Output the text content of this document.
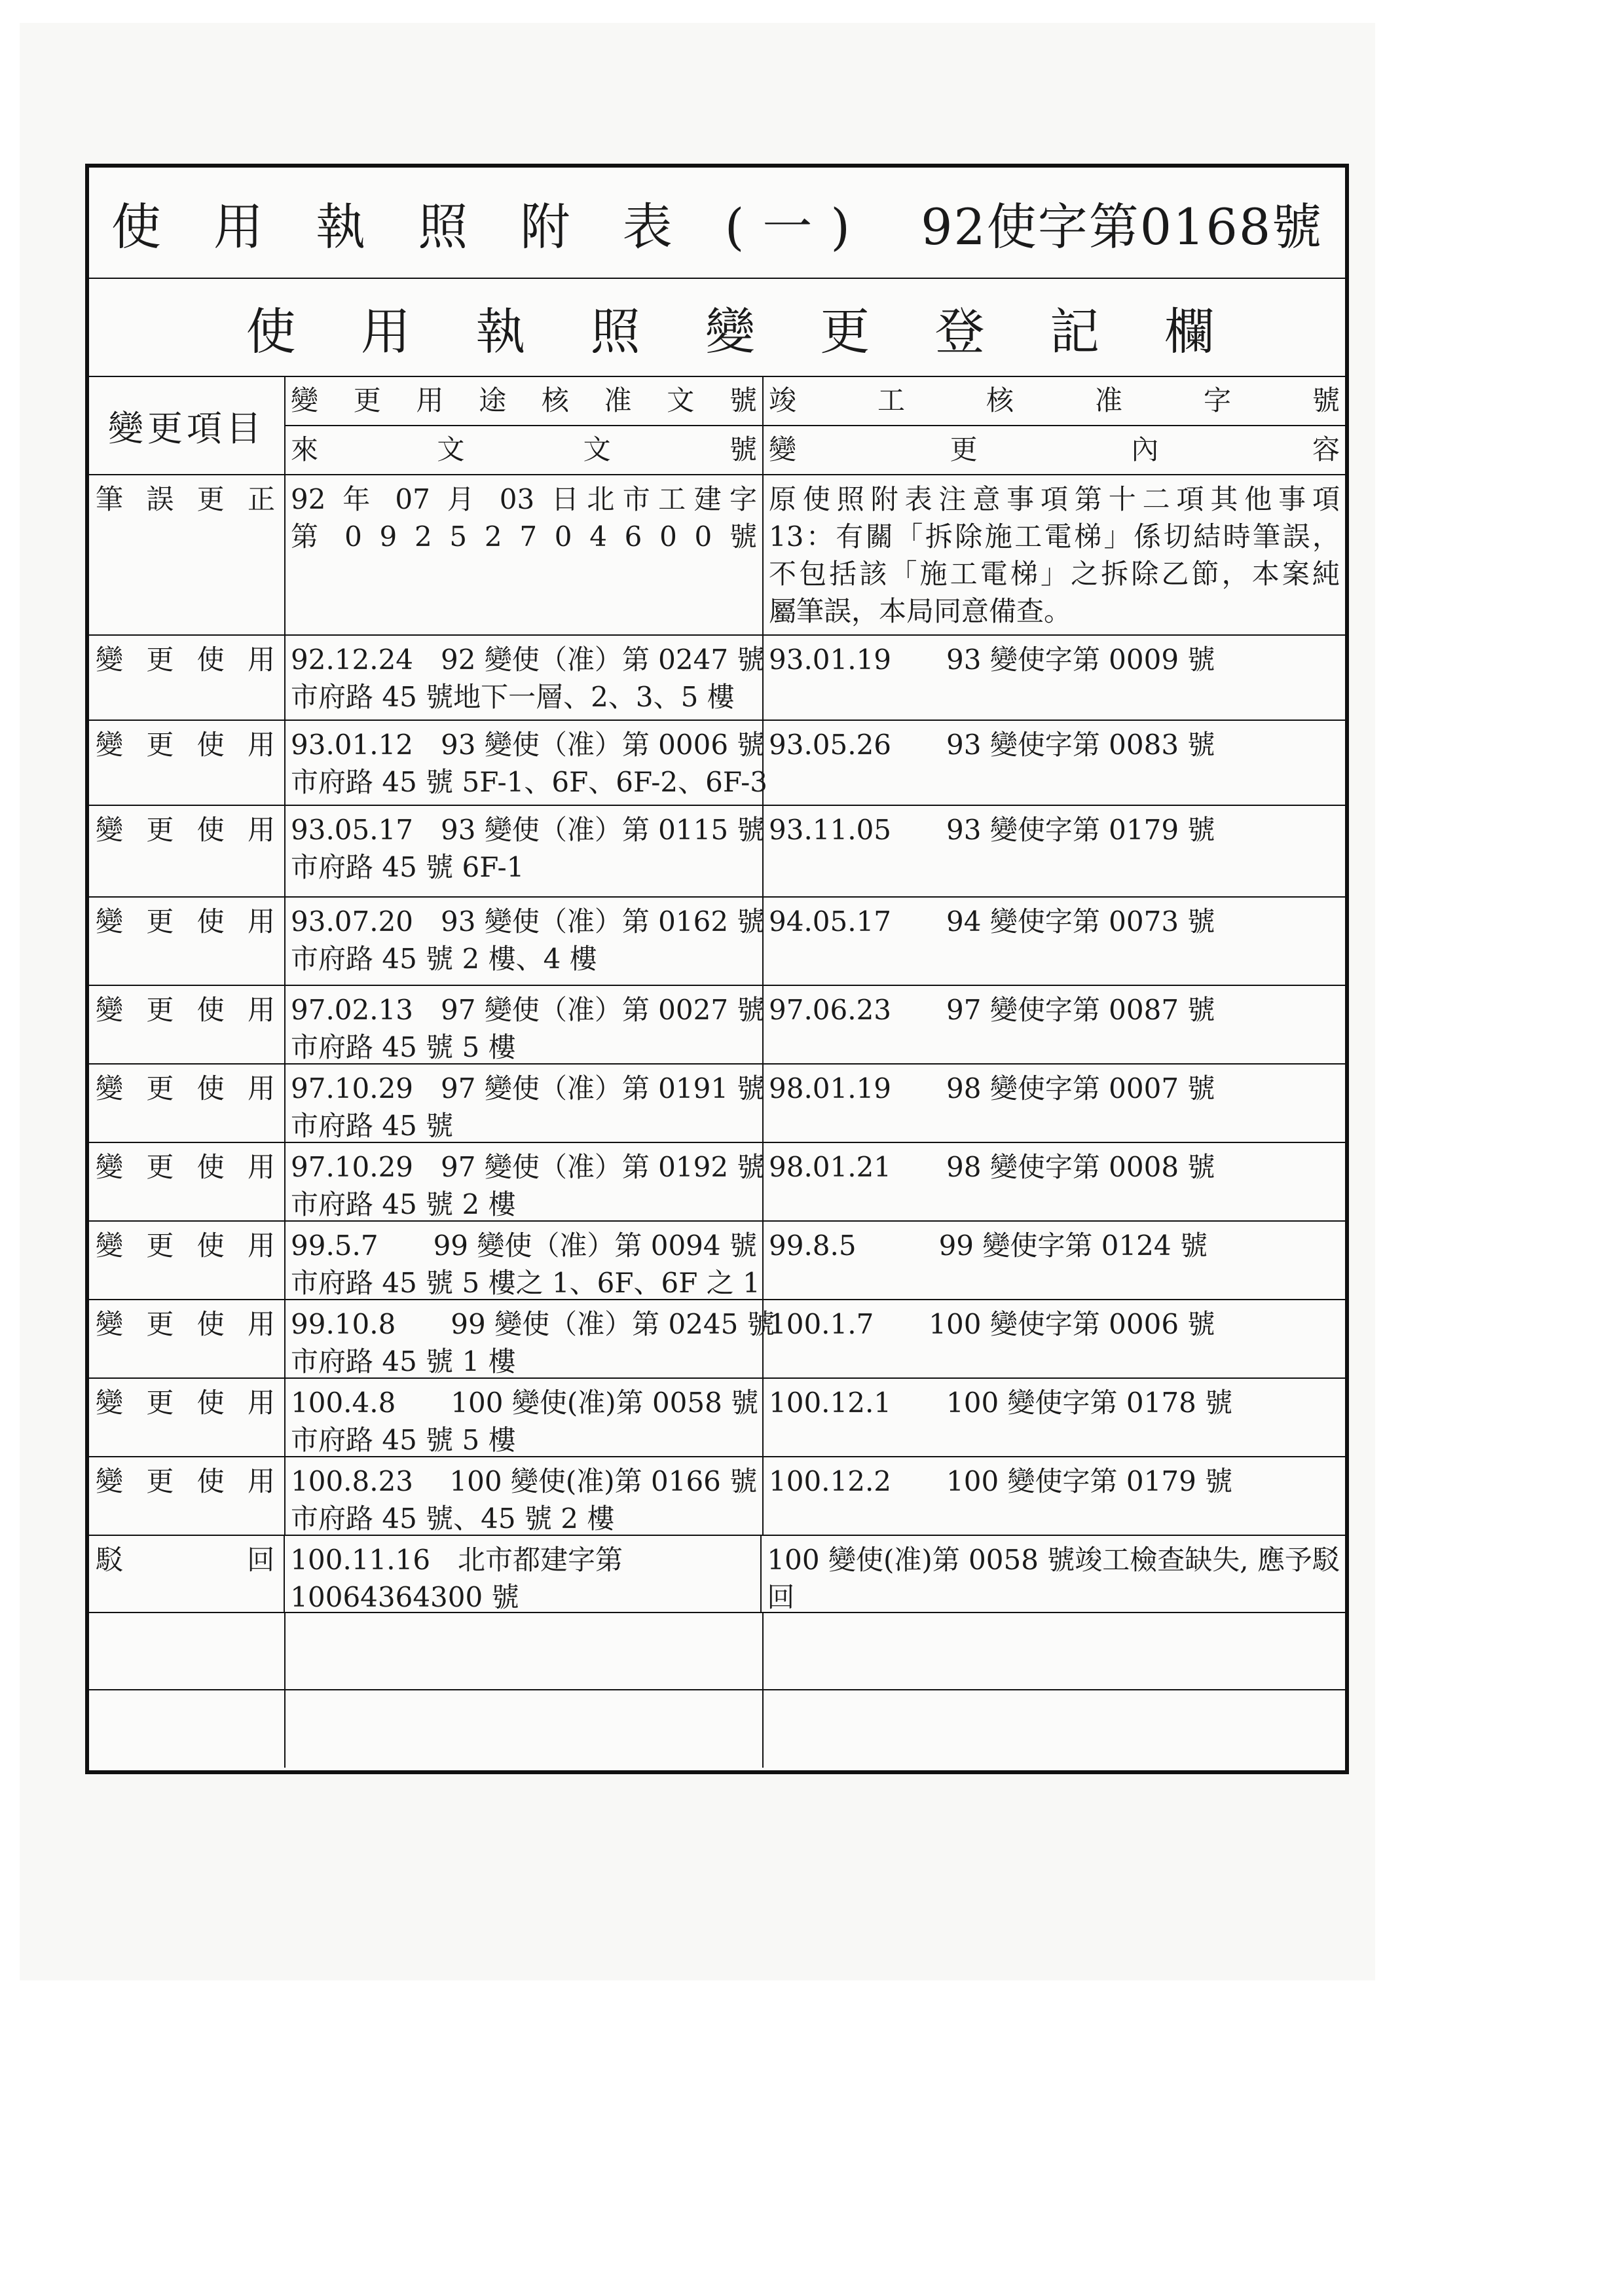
使 用 執 照 附 表 (一) 92使字第0168號
使 用 執 照 變 更 登 記 欄
變更項目
變 更 用 途 核 准 文 號
來 文 文 號
竣 工 核 准 字 號
變 更 內 容
筆 誤 更 正 92 年 07 月 03 日北市工建字
第 0 9 2 5 2 7 0 4 6 0 0 號
原使照附表注意事項第十二項其他事項
13：有關「拆除施工電梯」係切結時筆誤，
不包括該「施工電梯」之拆除乙節，本案純
屬筆誤，本局同意備查。
變 更 使 用 92.12.24　92 變使（准）第 0247 號
市府路 45 號地下一層、2、3、5 樓
93.01.19　　93 變使字第 0009 號
變 更 使 用 93.01.12　93 變使（准）第 0006 號
市府路 45 號 5F-1、6F、6F-2、6F-3
93.05.26　　93 變使字第 0083 號
變 更 使 用 93.05.17　93 變使（准）第 0115 號
市府路 45 號 6F-1
93.11.05　　93 變使字第 0179 號
變 更 使 用 93.07.20　93 變使（准）第 0162 號
市府路 45 號 2 樓、4 樓
94.05.17　　94 變使字第 0073 號
變 更 使 用 97.02.13　97 變使（准）第 0027 號
市府路 45 號 5 樓
97.06.23　　97 變使字第 0087 號
變 更 使 用 97.10.29　97 變使（准）第 0191 號
市府路 45 號
98.01.19　　98 變使字第 0007 號
變 更 使 用 97.10.29　97 變使（准）第 0192 號
市府路 45 號 2 樓
98.01.21　　98 變使字第 0008 號
變 更 使 用 99.5.7　　99 變使（准）第 0094 號
市府路 45 號 5 樓之 1、6F、6F 之 1
99.8.5　　　99 變使字第 0124 號
變 更 使 用 99.10.8　　99 變使（准）第 0245 號
市府路 45 號 1 樓
100.1.7　　100 變使字第 0006 號
變 更 使 用 100.4.8　　100 變使(准)第 0058 號
市府路 45 號 5 樓
100.12.1　　100 變使字第 0178 號
變 更 使 用 100.8.23　 100 變使(准)第 0166 號
市府路 45 號、45 號 2 樓
100.12.2　　100 變使字第 0179 號
駁 回 100.11.16　北市都建字第
10064364300 號
100 變使(准)第 0058 號竣工檢查缺失, 應予駁
回
